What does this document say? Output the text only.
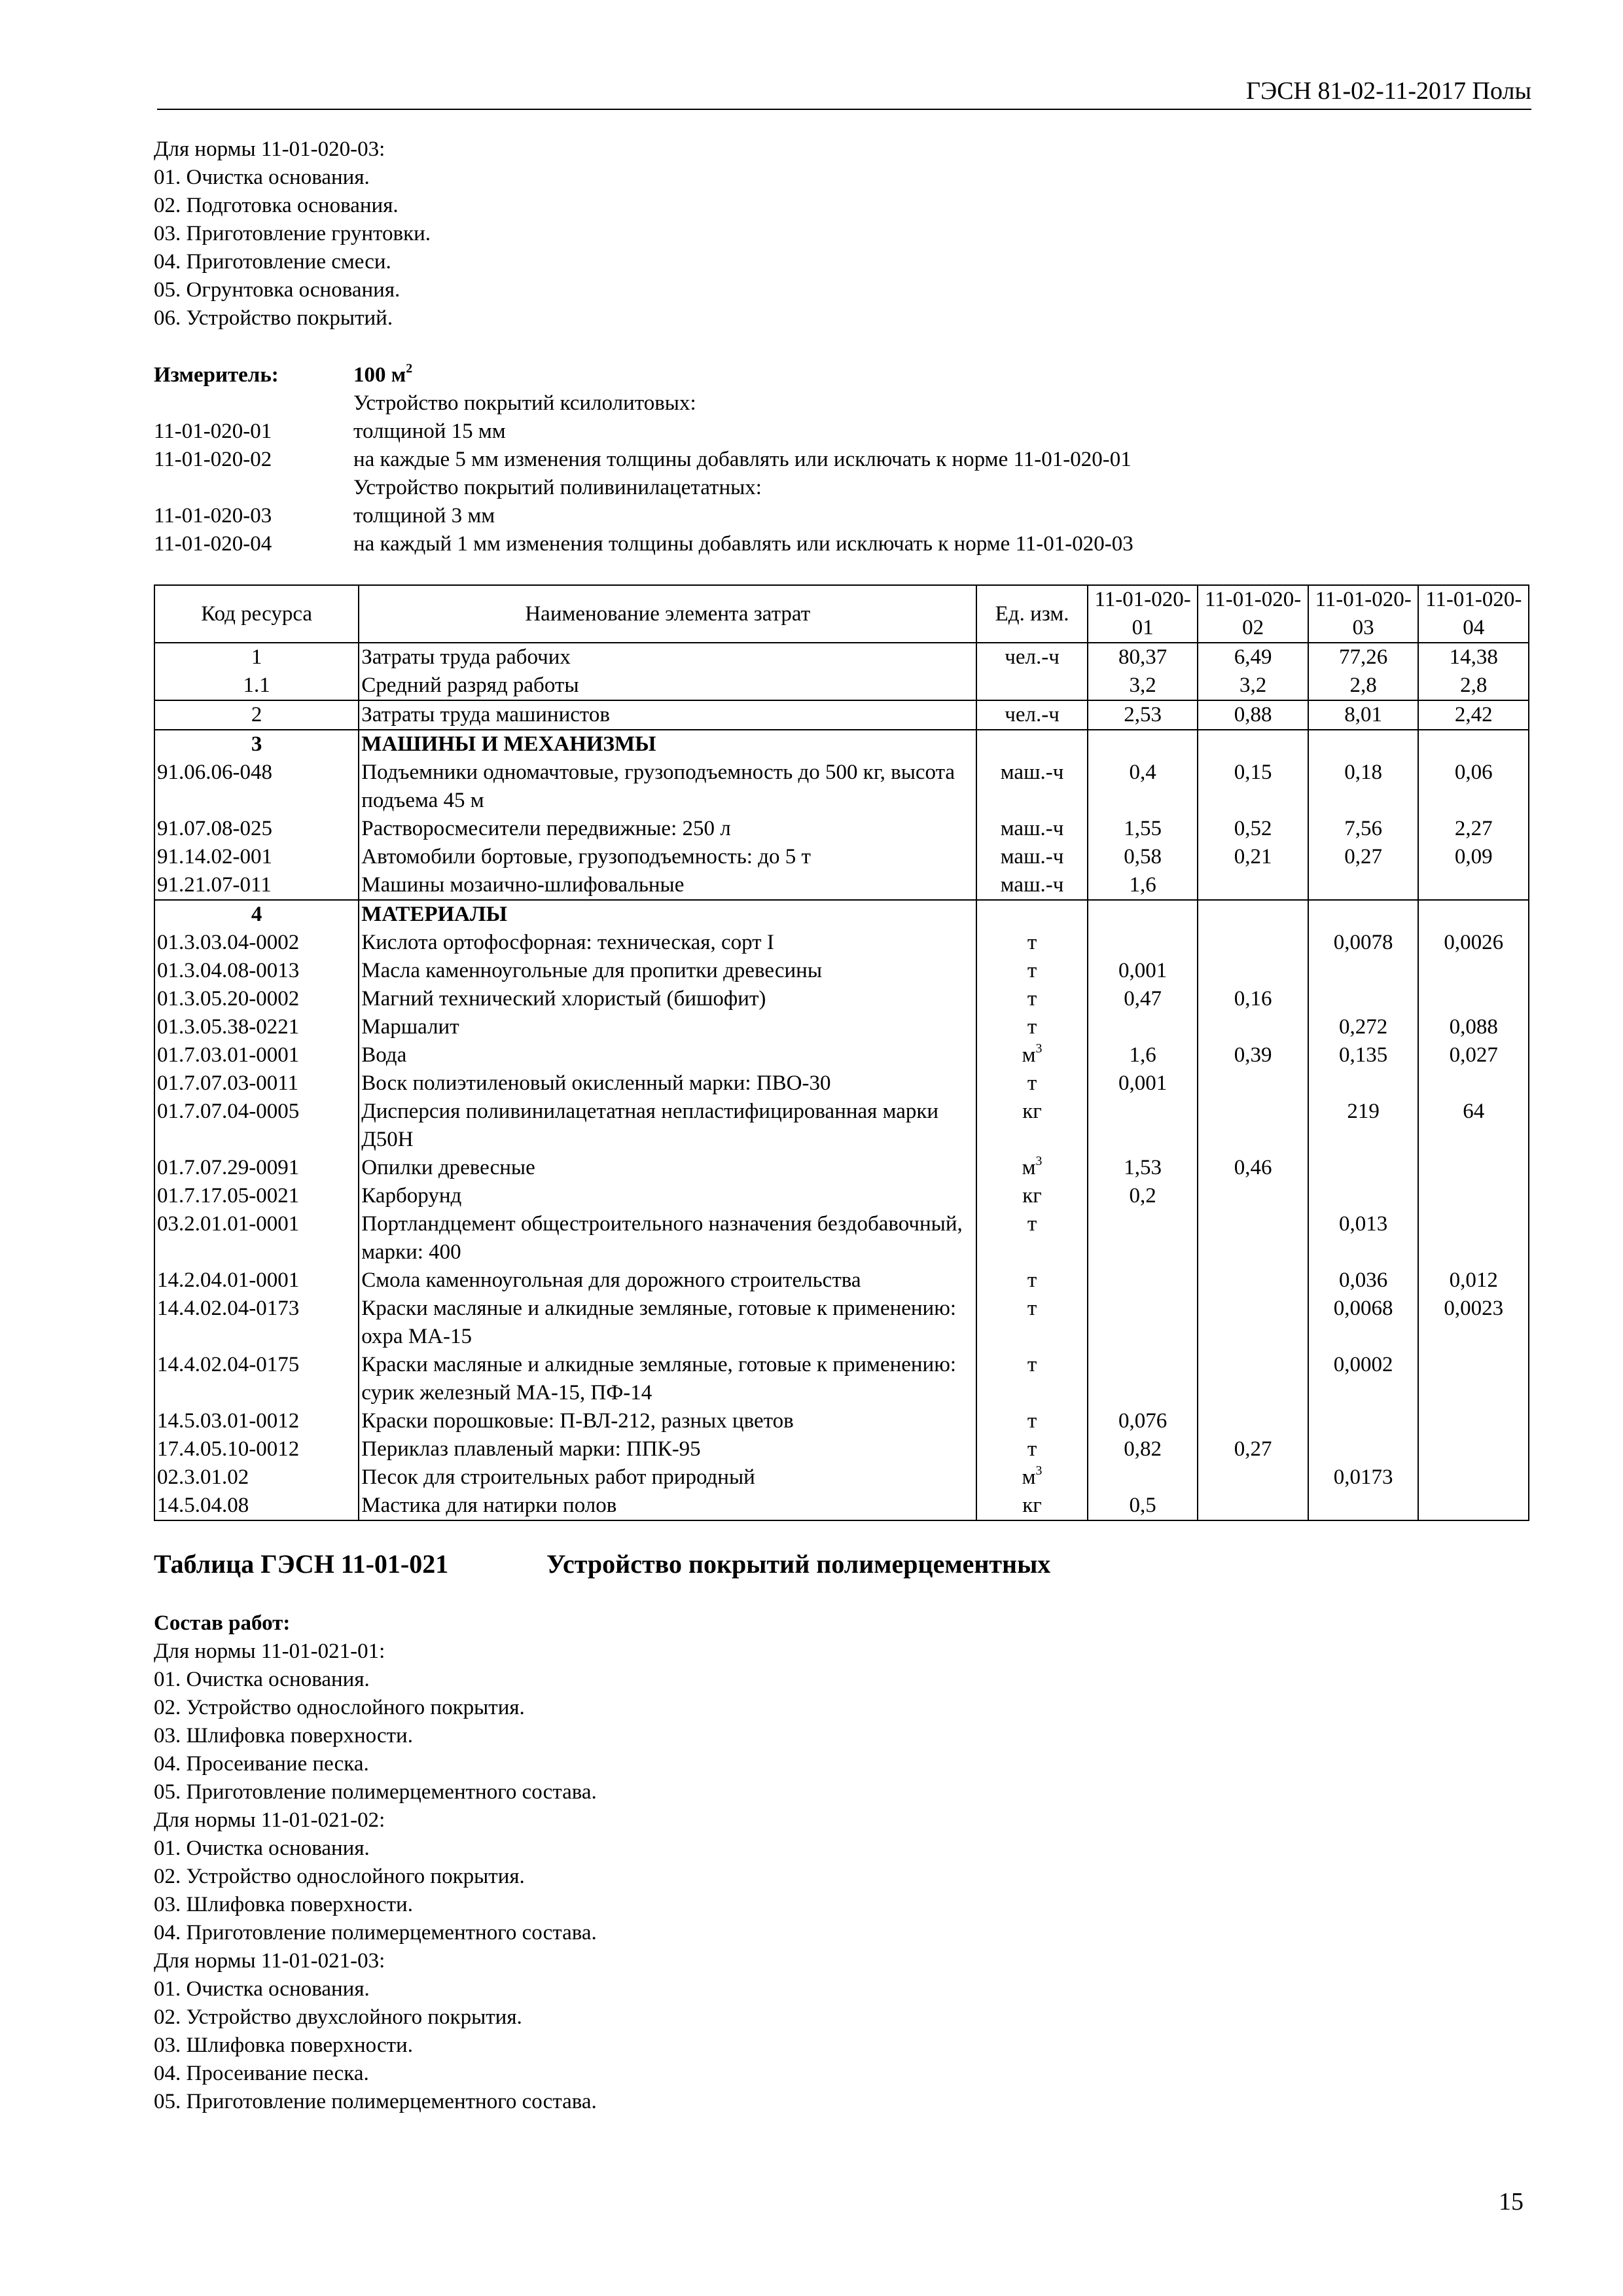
ГЭСН 81-02-11-2017 Полы
Для нормы 11-01-020-03:
01. Очистка основания.
02. Подготовка основания.
03. Приготовление грунтовки.
04. Приготовление смеси.
05. Огрунтовка основания.
06. Устройство покрытий.
Измеритель:	100 $м^2$
Устройство покрытий ксилолитовых:
11-01-020-01	толщиной 15 мм
11-01-020-02	на каждые 5 мм изменения толщины добавлять или исключать к норме 11-01-020-01
Устройство покрытий поливинилацетатных:
11-01-020-03	толщиной 3 мм
11-01-020-04	на каждый 1 мм изменения толщины добавлять или исключать к норме 11-01-020-03
Код ресурса	Наименование элемента затрат	Ед. изм.	11-01-020-01	11-01-020-02	11-01-020-03	11-01-020-04
1	Затраты труда рабочих	чел.-ч	80,37	6,49	77,26	14,38
1.1	Средний разряд работы		3,2	3,2	2,8	2,8
2	Затраты труда машинистов	чел.-ч	2,53	0,88	8,01	2,42
3	МАШИНЫ И МЕХАНИЗМЫ					
91.06.06-048	Подъемники одномачтовые, грузоподъемность до 500 кг, высота подъема 45 м	маш.-ч	0,4	0,15	0,18	0,06
91.07.08-025	Растворосмесители передвижные: 250 л	маш.-ч	1,55	0,52	7,56	2,27
91.14.02-001	Автомобили бортовые, грузоподъемность: до 5 т	маш.-ч	0,58	0,21	0,27	0,09
91.21.07-011	Машины мозаично-шлифовальные	маш.-ч	1,6			
4	МАТЕРИАЛЫ					
01.3.03.04-0002	Кислота ортофосфорная: техническая, сорт I	т			0,0078	0,0026
01.3.04.08-0013	Масла каменноугольные для пропитки древесины	т	0,001			
01.3.05.20-0002	Магний технический хлористый (бишофит)	т	0,47	0,16		
01.3.05.38-0221	Маршалит	т			0,272	0,088
01.7.03.01-0001	Вода	$м^3$	1,6	0,39	0,135	0,027
01.7.07.03-0011	Воск полиэтиленовый окисленный марки: ПВО-30	т	0,001			
01.7.07.04-0005	Дисперсия поливинилацетатная непластифицированная марки Д50Н	кг			219	64
01.7.07.29-0091	Опилки древесные	$м^3$	1,53	0,46		
01.7.17.05-0021	Карборунд	кг	0,2			
03.2.01.01-0001	Портландцемент общестроительного назначения бездобавочный, марки: 400	т			0,013	
14.2.04.01-0001	Смола каменноугольная для дорожного строительства	т			0,036	0,012
14.4.02.04-0173	Краски масляные и алкидные земляные, готовые к применению: охра МА-15	т			0,0068	0,0023
14.4.02.04-0175	Краски масляные и алкидные земляные, готовые к применению: сурик железный МА-15, ПФ-14	т			0,0002	
14.5.03.01-0012	Краски порошковые: П-ВЛ-212, разных цветов	т	0,076			
17.4.05.10-0012	Периклаз плавленый марки: ППК-95	т	0,82	0,27		
02.3.01.02	Песок для строительных работ природный	$м^3$			0,0173	
14.5.04.08	Мастика для натирки полов	кг	0,5			
Таблица ГЭСН 11-01-021	Устройство покрытий полимерцементных
Состав работ:
Для нормы 11-01-021-01:
01. Очистка основания.
02. Устройство однослойного покрытия.
03. Шлифовка поверхности.
04. Просеивание песка.
05. Приготовление полимерцементного состава.
Для нормы 11-01-021-02:
01. Очистка основания.
02. Устройство однослойного покрытия.
03. Шлифовка поверхности.
04. Приготовление полимерцементного состава.
Для нормы 11-01-021-03:
01. Очистка основания.
02. Устройство двухслойного покрытия.
03. Шлифовка поверхности.
04. Просеивание песка.
05. Приготовление полимерцементного состава.
15
